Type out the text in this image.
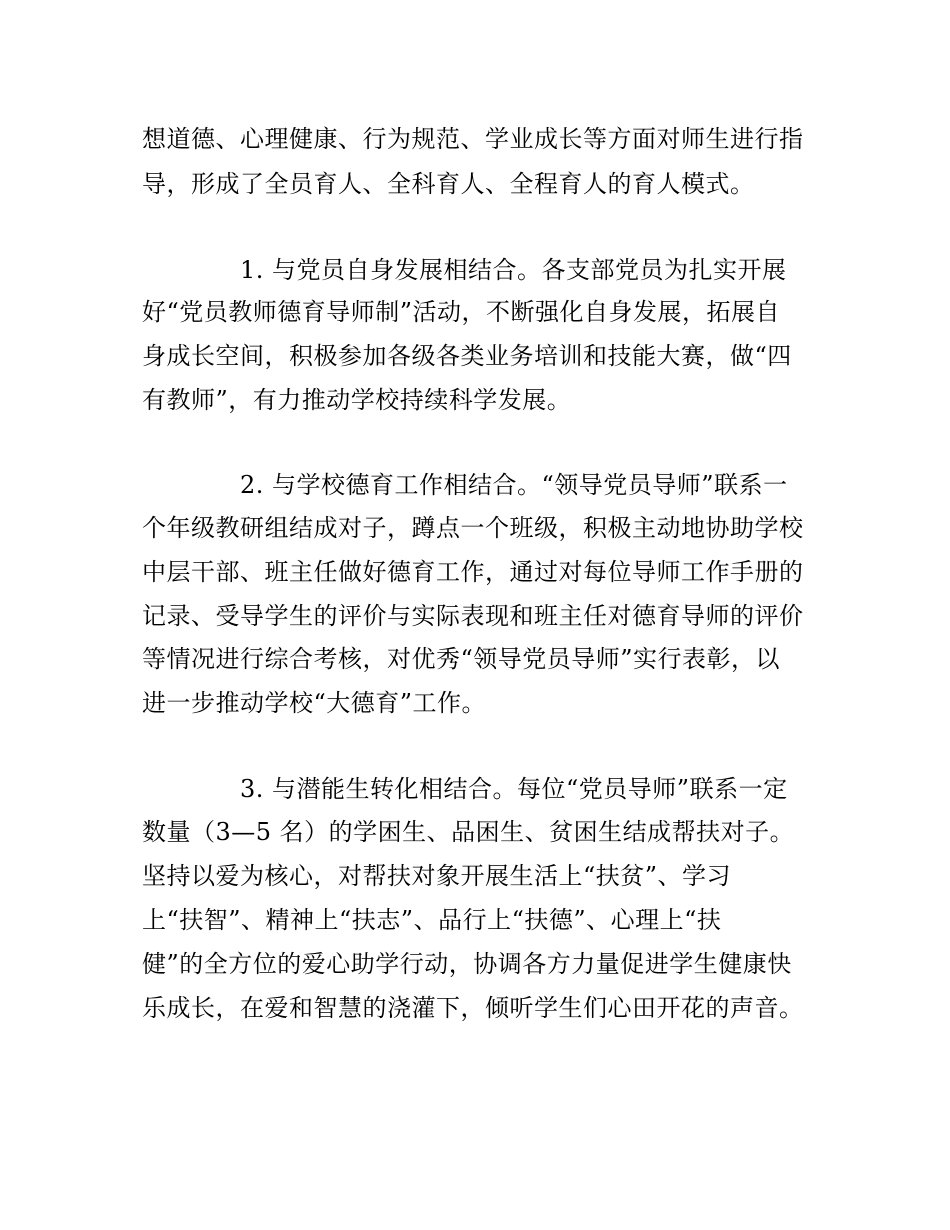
想道德、心理健康、行为规范、学业成长等方面对师生进行指
导，形成了全员育人、全科育人、全程育人的育人模式。
1. 与党员自身发展相结合。各支部党员为扎实开展
好“党员教师德育导师制”活动，不断强化自身发展，拓展自
身成长空间，积极参加各级各类业务培训和技能大赛，做“四
有教师”，有力推动学校持续科学发展。
2. 与学校德育工作相结合。“领导党员导师”联系一
个年级教研组结成对子，蹲点一个班级，积极主动地协助学校
中层干部、班主任做好德育工作，通过对每位导师工作手册的
记录、受导学生的评价与实际表现和班主任对德育导师的评价
等情况进行综合考核，对优秀“领导党员导师”实行表彰，以
进一步推动学校“大德育”工作。
3. 与潜能生转化相结合。每位“党员导师”联系一定
数量（3—5 名）的学困生、品困生、贫困生结成帮扶对子。
坚持以爱为核心，对帮扶对象开展生活上“扶贫”、学习
上“扶智”、精神上“扶志”、品行上“扶德”、心理上“扶
健”的全方位的爱心助学行动，协调各方力量促进学生健康快
乐成长，在爱和智慧的浇灌下，倾听学生们心田开花的声音。
